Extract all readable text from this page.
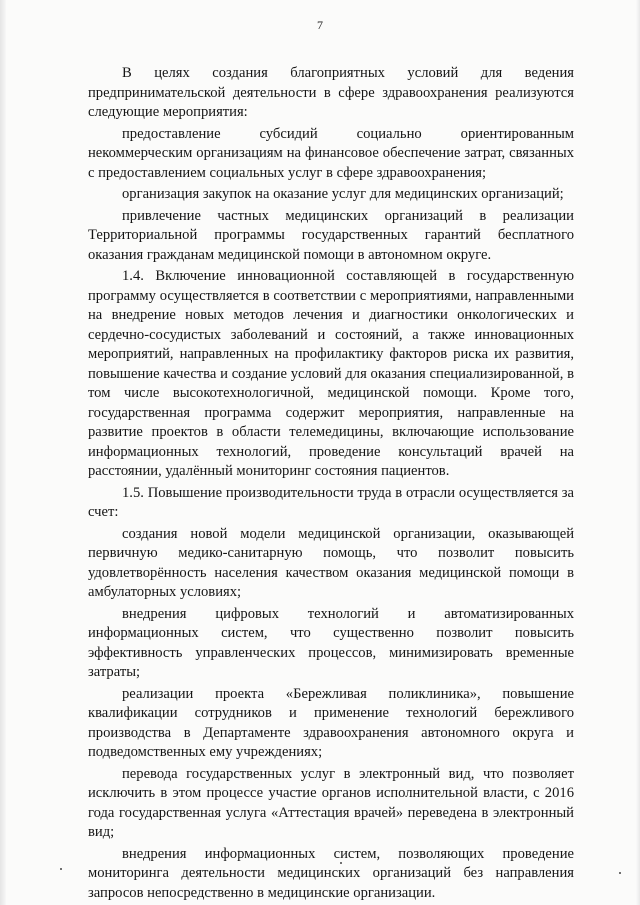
7

В целях создания благоприятных условий для ведения предпринимательской деятельности в сфере здравоохранения реализуются следующие мероприятия:

предоставление субсидий социально ориентированным некоммерческим организациям на финансовое обеспечение затрат, связанных с предоставлением социальных услуг в сфере здравоохранения;

организация закупок на оказание услуг для медицинских организаций;

привлечение частных медицинских организаций в реализации Территориальной программы государственных гарантий бесплатного оказания гражданам медицинской помощи в автономном округе.

1.4. Включение инновационной составляющей в государственную программу осуществляется в соответствии с мероприятиями, направленными на внедрение новых методов лечения и диагностики онкологических и сердечно-сосудистых заболеваний и состояний, а также инновационных мероприятий, направленных на профилактику факторов риска их развития, повышение качества и создание условий для оказания специализированной, в том числе высокотехнологичной, медицинской помощи. Кроме того, государственная программа содержит мероприятия, направленные на развитие проектов в области телемедицины, включающие использование информационных технологий, проведение консультаций врачей на расстоянии, удалённый мониторинг состояния пациентов.

1.5. Повышение производительности труда в отрасли осуществляется за счет:

создания новой модели медицинской организации, оказывающей первичную медико-санитарную помощь, что позволит повысить удовлетворённость населения качеством оказания медицинской помощи в амбулаторных условиях;

внедрения цифровых технологий и автоматизированных информационных систем, что существенно позволит повысить эффективность управленческих процессов, минимизировать временные затраты;

реализации проекта «Бережливая поликлиника», повышение квалификации сотрудников и применение технологий бережливого производства в Департаменте здравоохранения автономного округа и подведомственных ему учреждениях;

перевода государственных услуг в электронный вид, что позволяет исключить в этом процессе участие органов исполнительной власти, с 2016 года государственная услуга «Аттестация врачей» переведена в электронный вид;

внедрения информационных систем, позволяющих проведение мониторинга деятельности медицинских организаций без направления запросов непосредственно в медицинские организации.
